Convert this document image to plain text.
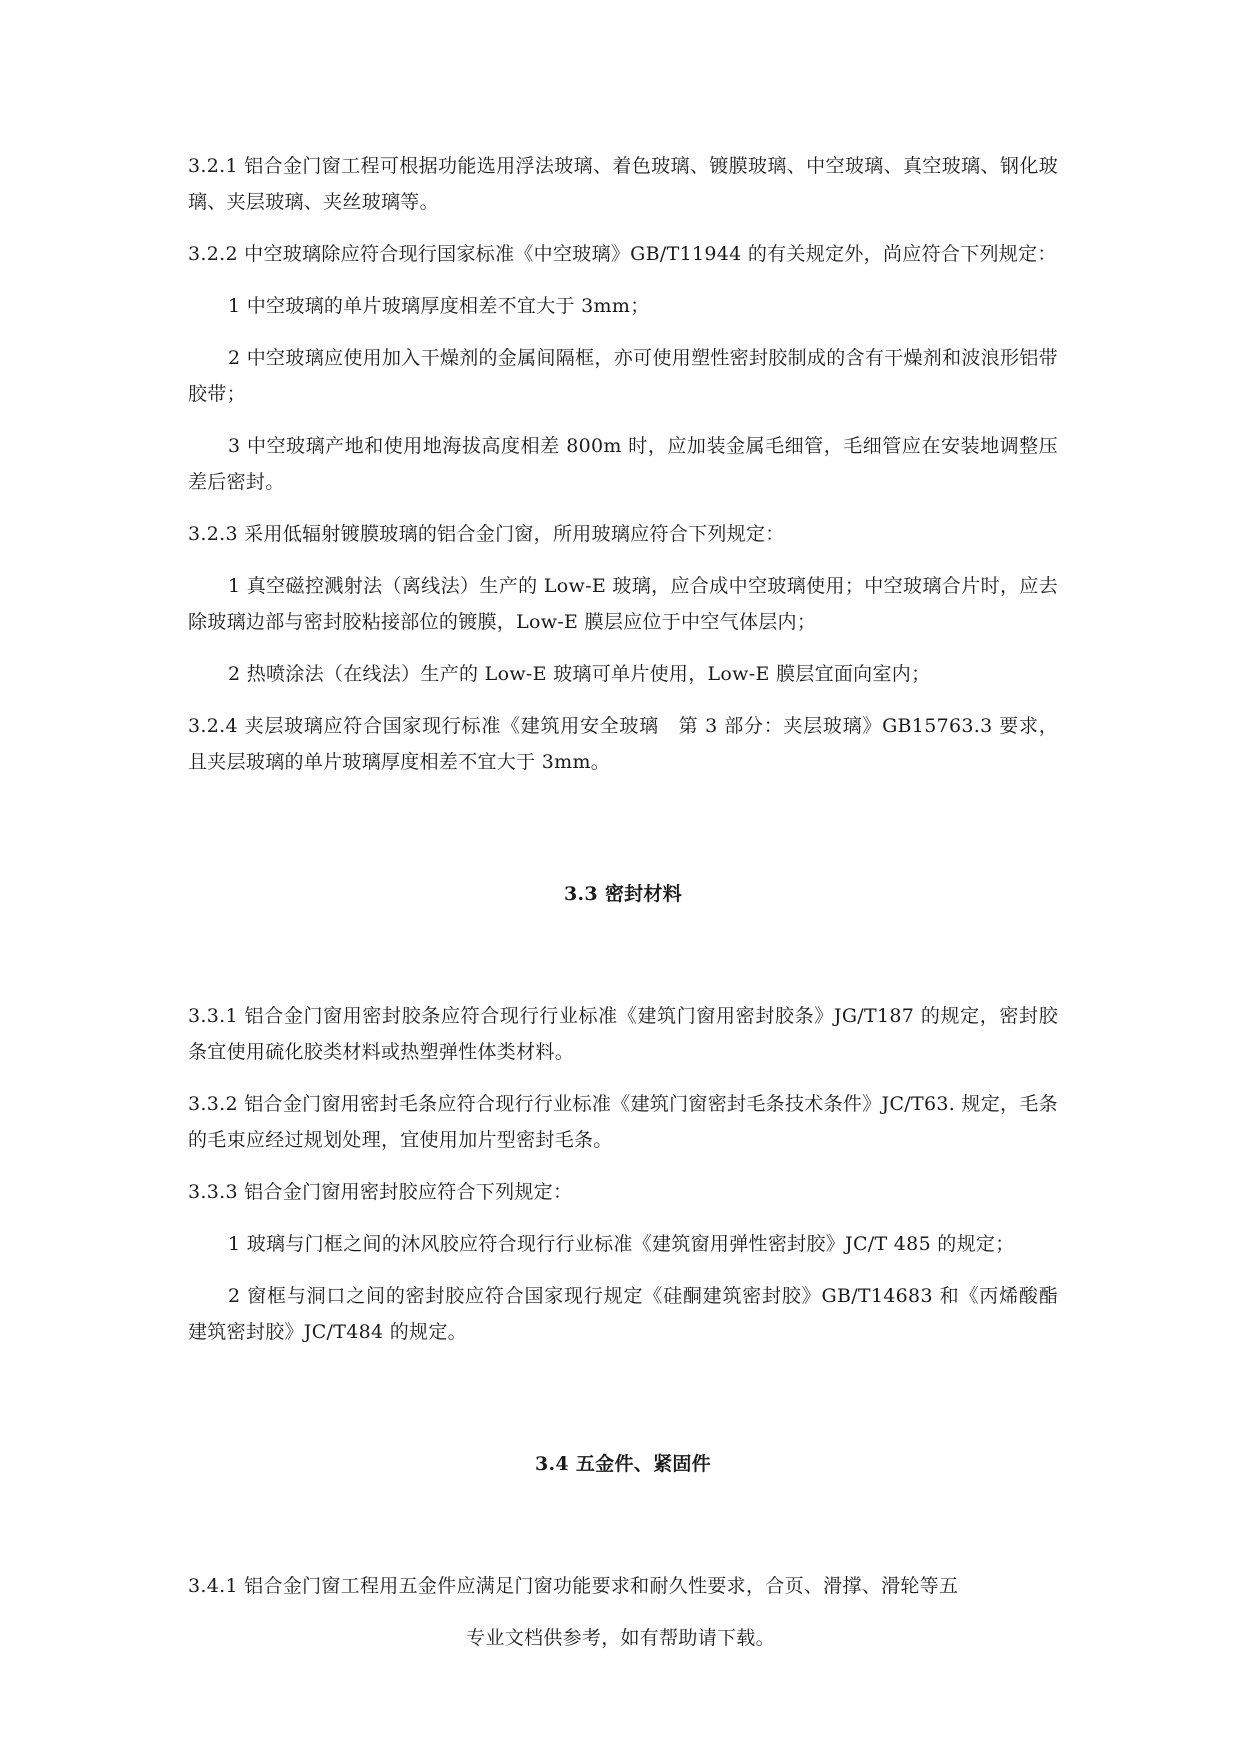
3.2.1 铝合金门窗工程可根据功能选用浮法玻璃、着色玻璃、镀膜玻璃、中空玻璃、真空玻璃、钢化玻璃、夹层玻璃、夹丝玻璃等。

3.2.2 中空玻璃除应符合现行国家标准《中空玻璃》GB/T11944 的有关规定外，尚应符合下列规定：

1 中空玻璃的单片玻璃厚度相差不宜大于 3mm；

2 中空玻璃应使用加入干燥剂的金属间隔框，亦可使用塑性密封胶制成的含有干燥剂和波浪形铝带胶带；

3 中空玻璃产地和使用地海拔高度相差 800m 时，应加装金属毛细管，毛细管应在安装地调整压差后密封。

3.2.3 采用低辐射镀膜玻璃的铝合金门窗，所用玻璃应符合下列规定：

1 真空磁控溅射法（离线法）生产的 Low-E 玻璃，应合成中空玻璃使用；中空玻璃合片时，应去除玻璃边部与密封胶粘接部位的镀膜，Low-E 膜层应位于中空气体层内；

2 热喷涂法（在线法）生产的 Low-E 玻璃可单片使用，Low-E 膜层宜面向室内；

3.2.4 夹层玻璃应符合国家现行标准《建筑用安全玻璃　第 3 部分：夹层玻璃》GB15763.3 要求，且夹层玻璃的单片玻璃厚度相差不宜大于 3mm。

3.3 密封材料

3.3.1 铝合金门窗用密封胶条应符合现行行业标准《建筑门窗用密封胶条》JG/T187 的规定，密封胶条宜使用硫化胶类材料或热塑弹性体类材料。

3.3.2 铝合金门窗用密封毛条应符合现行行业标准《建筑门窗密封毛条技术条件》JC/T63. 规定，毛条的毛束应经过规划处理，宜使用加片型密封毛条。

3.3.3 铝合金门窗用密封胶应符合下列规定：

1 玻璃与门框之间的沐风胶应符合现行行业标准《建筑窗用弹性密封胶》JC/T 485 的规定；

2 窗框与洞口之间的密封胶应符合国家现行规定《硅酮建筑密封胶》GB/T14683 和《丙烯酸酯建筑密封胶》JC/T484 的规定。

3.4 五金件、紧固件

3.4.1 铝合金门窗工程用五金件应满足门窗功能要求和耐久性要求，合页、滑撑、滑轮等五

专业文档供参考，如有帮助请下载。
